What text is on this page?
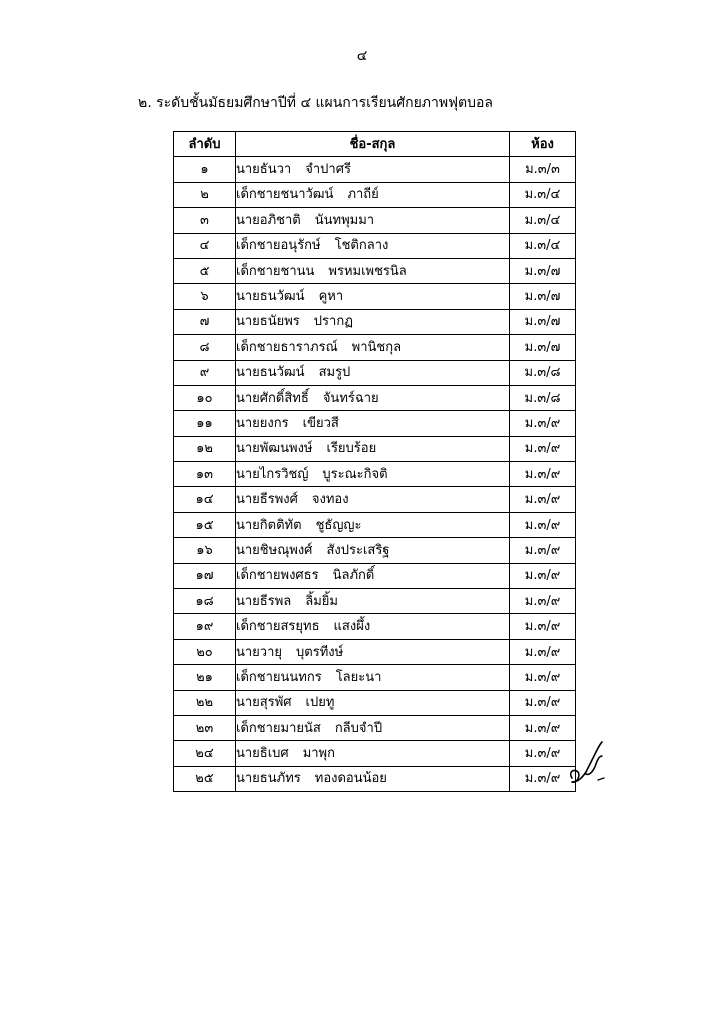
๔
๒. ระดับชั้นมัธยมศึกษาปีที่ ๔ แผนการเรียนศักยภาพฟุตบอล
ลำดับ	ชื่อ-สกุล	ห้อง
๑	นายธันวา จำปาศรี	ม.๓/๓
๒	เด็กชายชนาวัฒน์ ภาถีย์	ม.๓/๔
๓	นายอภิชาติ นันทพุมมา	ม.๓/๔
๔	เด็กชายอนุรักษ์ โชติกลาง	ม.๓/๔
๕	เด็กชายชานน พรหมเพชรนิล	ม.๓/๗
๖	นายธนวัฒน์ คูหา	ม.๓/๗
๗	นายธนัยพร ปรากฏ	ม.๓/๗
๘	เด็กชายธาราภรณ์ พานิชกุล	ม.๓/๗
๙	นายธนวัฒน์ สมรูป	ม.๓/๘
๑๐	นายศักดิ์สิทธิ์ จันทร์ฉาย	ม.๓/๘
๑๑	นายยงกร เขียวสี	ม.๓/๙
๑๒	นายพัฒนพงษ์ เรียบร้อย	ม.๓/๙
๑๓	นายไกรวิชญ์ บูระณะกิจติ	ม.๓/๙
๑๔	นายธีรพงศ์ จงทอง	ม.๓/๙
๑๕	นายกิตติทัต ชูธัญญะ	ม.๓/๙
๑๖	นายชิษณุพงศ์ สังประเสริฐ	ม.๓/๙
๑๗	เด็กชายพงศธร นิลภักดิ์	ม.๓/๙
๑๘	นายธีรพล ลิ้มยิ้ม	ม.๓/๙
๑๙	เด็กชายสรยุทธ แสงผึ้ง	ม.๓/๙
๒๐	นายวายุ บุตรทีงษ์	ม.๓/๙
๒๑	เด็กชายนนทกร โลยะนา	ม.๓/๙
๒๒	นายสุรพัศ เปยทู	ม.๓/๙
๒๓	เด็กชายมายนัส กลีบจำปี	ม.๓/๙
๒๔	นายธิเบศ มาพุก	ม.๓/๙
๒๕	นายธนภัทร ทองดอนน้อย	ม.๓/๙
